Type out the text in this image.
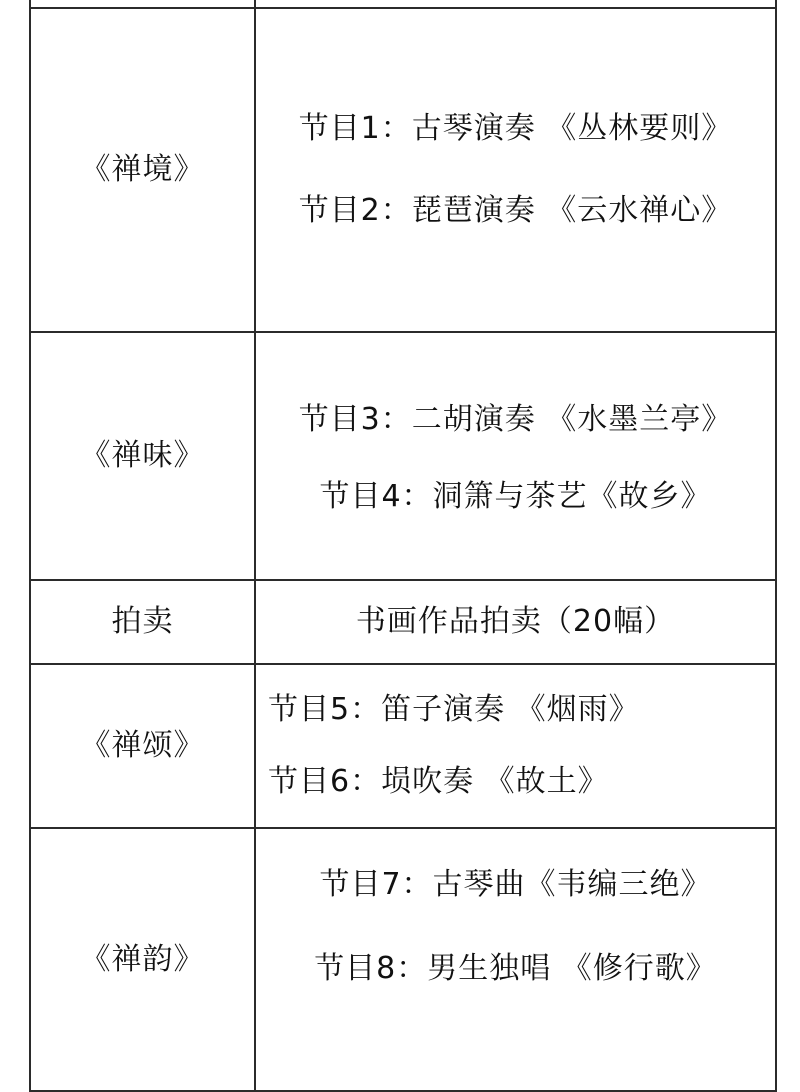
《禅境》	节目1：古琴演奏 《丛林要则》
节目2：琵琶演奏 《云水禅心》

《禅味》	节目3：二胡演奏 《水墨兰亭》
节目4：洞箫与茶艺《故乡》

拍卖	书画作品拍卖（20幅）

《禅颂》	节目5：笛子演奏 《烟雨》
节目6：埙吹奏 《故土》

《禅韵》	节目7：古琴曲《韦编三绝》
节目8：男生独唱 《修行歌》
